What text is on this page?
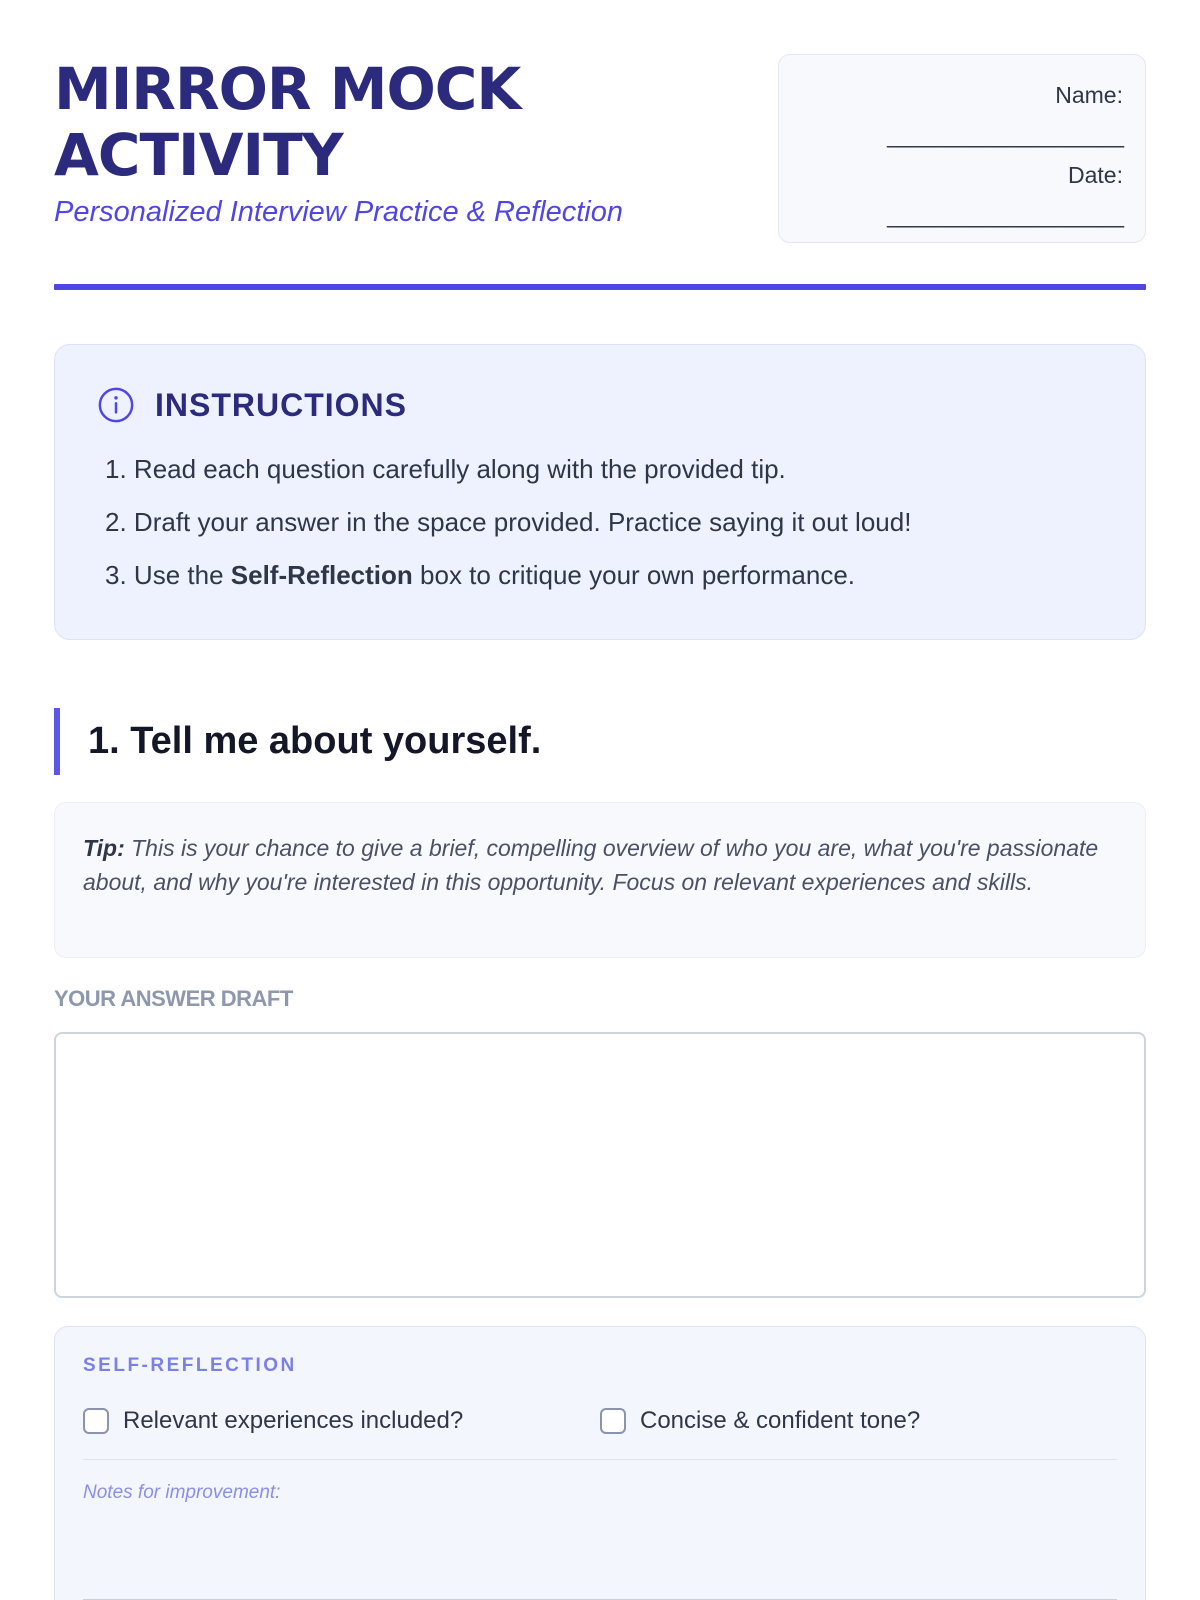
MIRROR MOCK ACTIVITY
Personalized Interview Practice & Reflection
Name:
____________________
Date:
____________________
INSTRUCTIONS
1. Read each question carefully along with the provided tip.
2. Draft your answer in the space provided. Practice saying it out loud!
3. Use the Self-Reflection box to critique your own performance.
1. Tell me about yourself.
Tip: This is your chance to give a brief, compelling overview of who you are, what you're passionate about, and why you're interested in this opportunity. Focus on relevant experiences and skills.
YOUR ANSWER DRAFT
SELF-REFLECTION
Relevant experiences included?	Concise & confident tone?
Notes for improvement:
